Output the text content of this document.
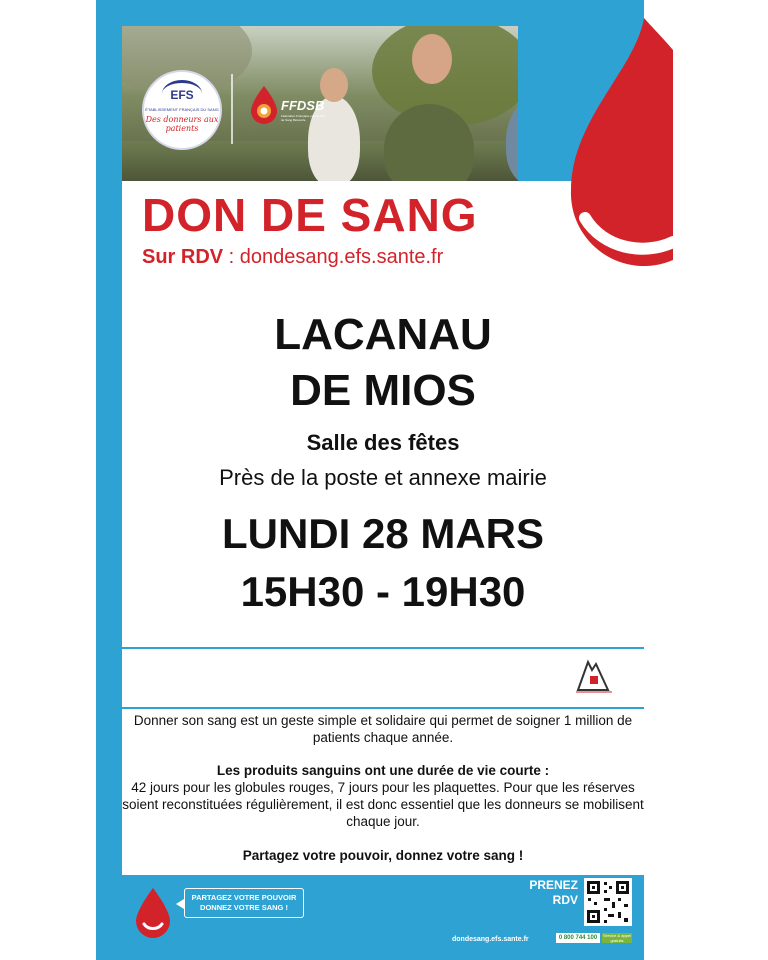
EFS
ÉTABLISSEMENT FRANÇAIS DU SANG
Des donneurs aux patients
FFDSB
Fédération Française pour le Don de Sang Bénévole
DON DE SANG
Sur RDV : dondesang.efs.sante.fr
LACANAU
DE MIOS
Salle des fêtes
Près de la poste et annexe mairie
LUNDI 28 MARS
15H30 - 19H30
Donner son sang est un geste simple et solidaire qui permet de soigner 1 million de patients chaque année.
Les produits sanguins ont une durée de vie courte :
42 jours pour les globules rouges, 7 jours pour les plaquettes. Pour que les réserves soient reconstituées régulièrement, il est donc essentiel que les donneurs se mobilisent chaque jour.
Partagez votre pouvoir, donnez votre sang !
PARTAGEZ VOTRE POUVOIR
DONNEZ VOTRE SANG !
PRENEZ
RDV
dondesang.efs.sante.fr	0 800 744 100	Service & appel gratuits
